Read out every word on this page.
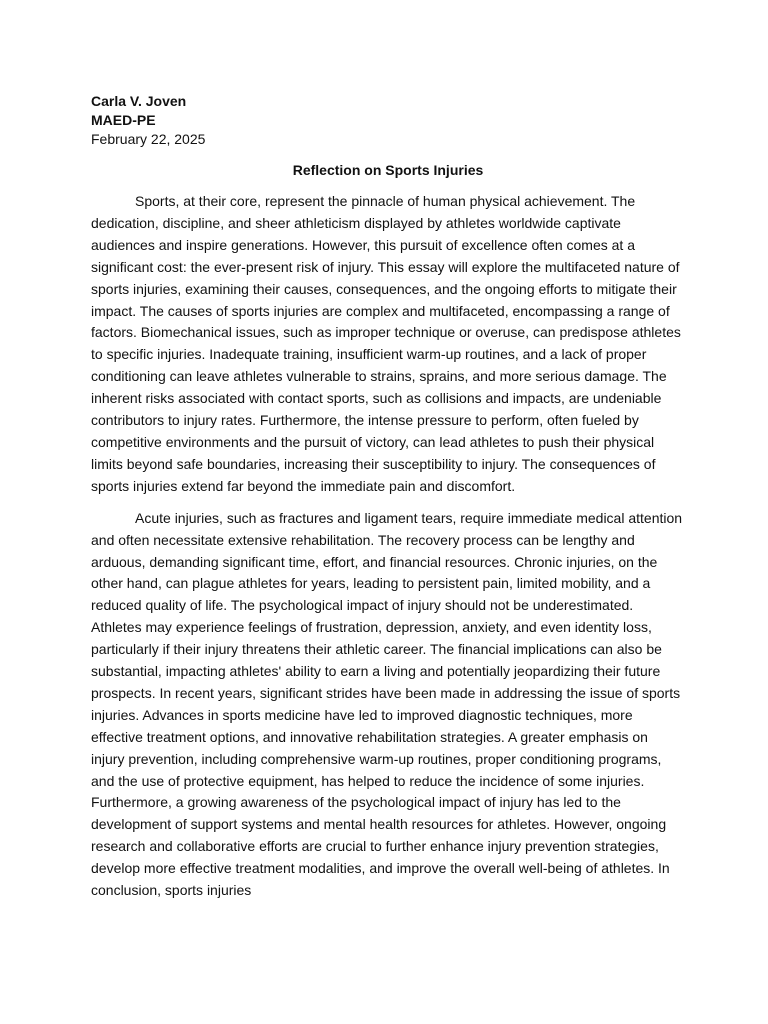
Carla V. Joven

MAED-PE

February 22, 2025

Reflection on Sports Injuries

Sports, at their core, represent the pinnacle of human physical achievement. The dedication, discipline, and sheer athleticism displayed by athletes worldwide captivate audiences and inspire generations. However, this pursuit of excellence often comes at a significant cost: the ever-present risk of injury. This essay will explore the multifaceted nature of sports injuries, examining their causes, consequences, and the ongoing efforts to mitigate their impact. The causes of sports injuries are complex and multifaceted, encompassing a range of factors. Biomechanical issues, such as improper technique or overuse, can predispose athletes to specific injuries. Inadequate training, insufficient warm-up routines, and a lack of proper conditioning can leave athletes vulnerable to strains, sprains, and more serious damage. The inherent risks associated with contact sports, such as collisions and impacts, are undeniable contributors to injury rates. Furthermore, the intense pressure to perform, often fueled by competitive environments and the pursuit of victory, can lead athletes to push their physical limits beyond safe boundaries, increasing their susceptibility to injury. The consequences of sports injuries extend far beyond the immediate pain and discomfort.

Acute injuries, such as fractures and ligament tears, require immediate medical attention and often necessitate extensive rehabilitation. The recovery process can be lengthy and arduous, demanding significant time, effort, and financial resources. Chronic injuries, on the other hand, can plague athletes for years, leading to persistent pain, limited mobility, and a reduced quality of life. The psychological impact of injury should not be underestimated. Athletes may experience feelings of frustration, depression, anxiety, and even identity loss, particularly if their injury threatens their athletic career. The financial implications can also be substantial, impacting athletes' ability to earn a living and potentially jeopardizing their future prospects. In recent years, significant strides have been made in addressing the issue of sports injuries. Advances in sports medicine have led to improved diagnostic techniques, more effective treatment options, and innovative rehabilitation strategies. A greater emphasis on injury prevention, including comprehensive warm-up routines, proper conditioning programs, and the use of protective equipment, has helped to reduce the incidence of some injuries. Furthermore, a growing awareness of the psychological impact of injury has led to the development of support systems and mental health resources for athletes. However, ongoing research and collaborative efforts are crucial to further enhance injury prevention strategies, develop more effective treatment modalities, and improve the overall well-being of athletes. In conclusion, sports injuries
